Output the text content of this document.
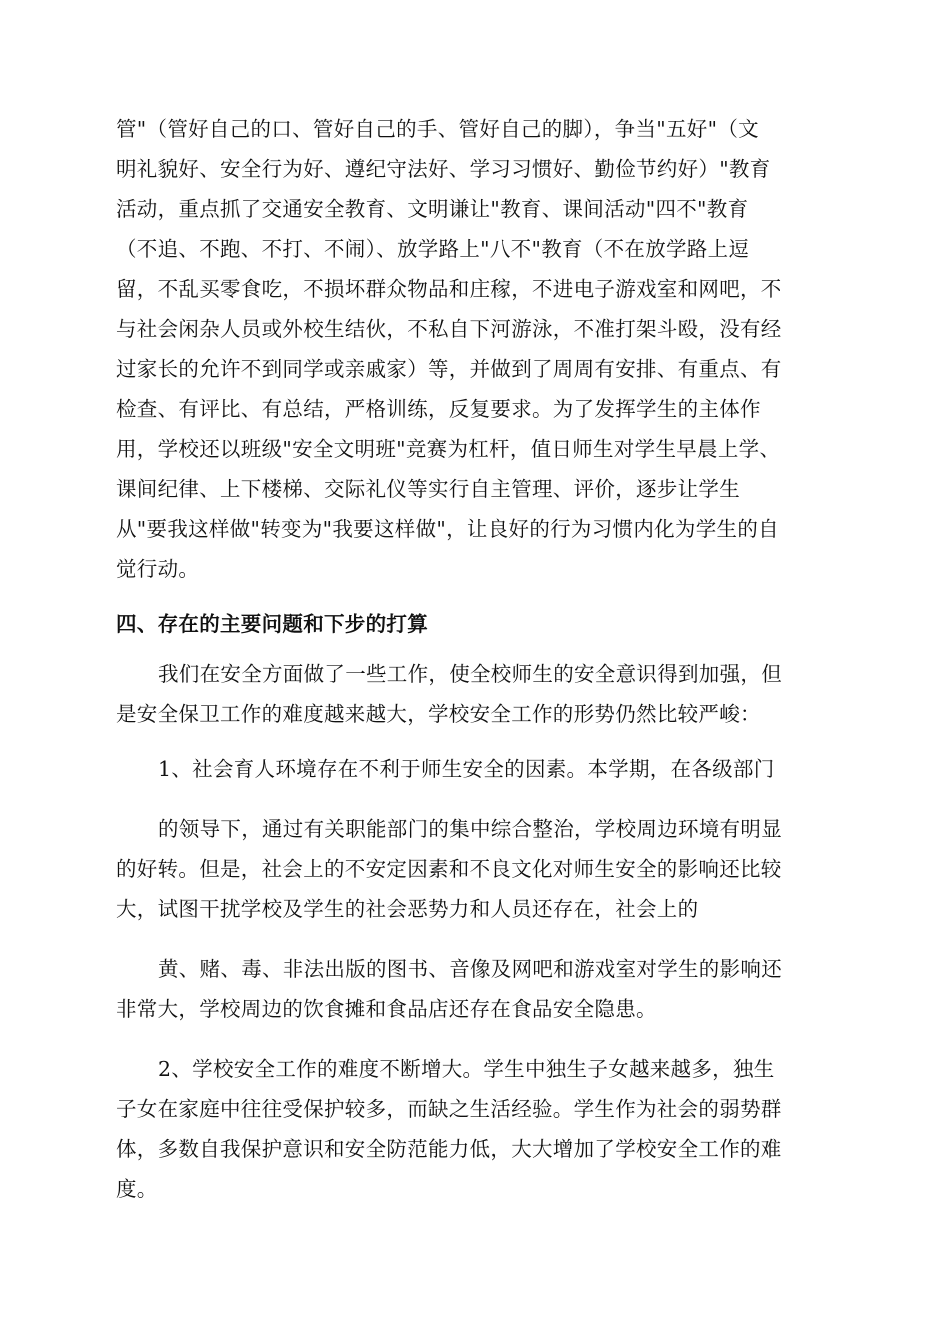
管"（管好自己的口、管好自己的手、管好自己的脚），争当"五好"（文
明礼貌好、安全行为好、遵纪守法好、学习习惯好、勤俭节约好）"教育
活动，重点抓了交通安全教育、文明谦让"教育、课间活动"四不"教育
（不追、不跑、不打、不闹）、放学路上"八不"教育（不在放学路上逗
留，不乱买零食吃，不损坏群众物品和庄稼，不进电子游戏室和网吧，不
与社会闲杂人员或外校生结伙，不私自下河游泳，不准打架斗殴，没有经
过家长的允许不到同学或亲戚家）等，并做到了周周有安排、有重点、有
检查、有评比、有总结，严格训练，反复要求。为了发挥学生的主体作
用，学校还以班级"安全文明班"竞赛为杠杆，值日师生对学生早晨上学、
课间纪律、上下楼梯、交际礼仪等实行自主管理、评价，逐步让学生
从"要我这样做"转变为"我要这样做"，让良好的行为习惯内化为学生的自
觉行动。
四、存在的主要问题和下步的打算
我们在安全方面做了一些工作，使全校师生的安全意识得到加强，但
是安全保卫工作的难度越来越大，学校安全工作的形势仍然比较严峻：
1、社会育人环境存在不利于师生安全的因素。本学期，在各级部门
的领导下，通过有关职能部门的集中综合整治，学校周边环境有明显
的好转。但是，社会上的不安定因素和不良文化对师生安全的影响还比较
大，试图干扰学校及学生的社会恶势力和人员还存在，社会上的
黄、赌、毒、非法出版的图书、音像及网吧和游戏室对学生的影响还
非常大，学校周边的饮食摊和食品店还存在食品安全隐患。
2、学校安全工作的难度不断增大。学生中独生子女越来越多，独生
子女在家庭中往往受保护较多，而缺之生活经验。学生作为社会的弱势群
体，多数自我保护意识和安全防范能力低，大大增加了学校安全工作的难
度。
